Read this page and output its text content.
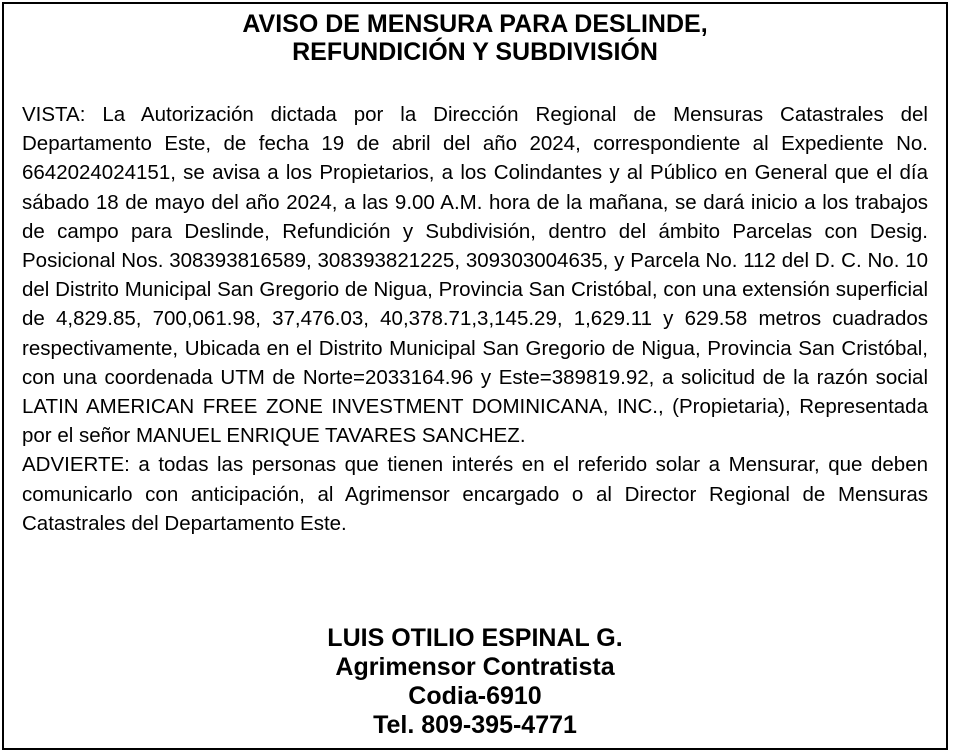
AVISO DE MENSURA PARA DESLINDE,
REFUNDICIÓN Y SUBDIVISIÓN

VISTA: La Autorización dictada por la Dirección Regional de Mensuras Catastrales del Departamento Este, de fecha 19 de abril del año 2024, correspondiente al Expediente No. 6642024024151, se avisa a los Propietarios, a los Colindantes y al Público en General que el día sábado 18 de mayo del año 2024, a las 9.00 A.M. hora de la mañana, se dará inicio a los trabajos de campo para Deslinde, Refundición y Subdivisión, dentro del ámbito Parcelas con Desig. Posicional Nos. 308393816589, 308393821225, 309303004635, y Parcela No. 112 del D. C. No. 10 del Distrito Municipal San Gregorio de Nigua, Provincia San Cristóbal, con una extensión superficial de 4,829.85, 700,061.98, 37,476.03, 40,378.71,3,145.29, 1,629.11 y 629.58 metros cuadrados respectivamente, Ubicada en el Distrito Municipal San Gregorio de Nigua, Provincia San Cristóbal, con una coordenada UTM de Norte=2033164.96 y Este=389819.92, a solicitud de la razón social LATIN AMERICAN FREE ZONE INVESTMENT DOMINICANA, INC., (Propietaria), Representada por el señor MANUEL ENRIQUE TAVARES SANCHEZ.

ADVIERTE: a todas las personas que tienen interés en el referido solar a Mensurar, que deben comunicarlo con anticipación, al Agrimensor encargado o al Director Regional de Mensuras Catastrales del Departamento Este.

LUIS OTILIO ESPINAL G.
Agrimensor Contratista
Codia-6910
Tel. 809-395-4771
